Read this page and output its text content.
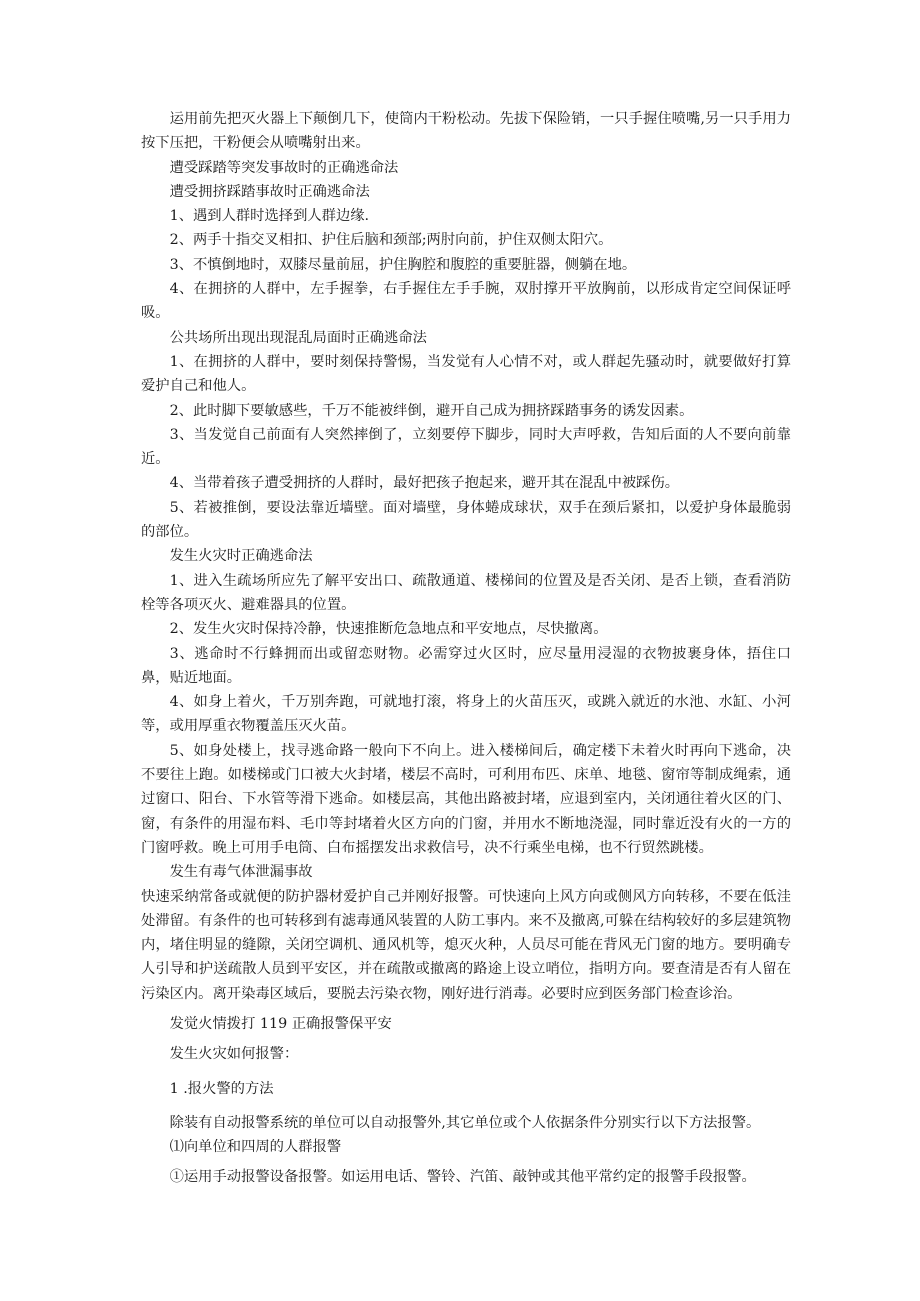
运用前先把灭火器上下颠倒几下，使筒内干粉松动。先拔下保险销，一只手握住喷嘴,另一只手用力按下压把，干粉便会从喷嘴射出来。

遭受踩踏等突发事故时的正确逃命法

遭受拥挤踩踏事故时正确逃命法

1、遇到人群时选择到人群边缘.

2、两手十指交叉相扣、护住后脑和颈部;两肘向前，护住双侧太阳穴。

3、不慎倒地时，双膝尽量前屈，护住胸腔和腹腔的重要脏器，侧躺在地。

4、在拥挤的人群中，左手握拳，右手握住左手手腕，双肘撑开平放胸前，以形成肯定空间保证呼吸。

公共场所出现出现混乱局面时正确逃命法

1、在拥挤的人群中，要时刻保持警惕，当发觉有人心情不对，或人群起先骚动时，就要做好打算爱护自己和他人。

2、此时脚下要敏感些，千万不能被绊倒，避开自己成为拥挤踩踏事务的诱发因素。

3、当发觉自己前面有人突然摔倒了，立刻要停下脚步，同时大声呼救，告知后面的人不要向前靠近。

4、当带着孩子遭受拥挤的人群时，最好把孩子抱起来，避开其在混乱中被踩伤。

5、若被推倒，要设法靠近墙壁。面对墙壁，身体蜷成球状，双手在颈后紧扣，以爱护身体最脆弱的部位。

发生火灾时正确逃命法

1、进入生疏场所应先了解平安出口、疏散通道、楼梯间的位置及是否关闭、是否上锁，查看消防栓等各项灭火、避难器具的位置。

2、发生火灾时保持冷静，快速推断危急地点和平安地点，尽快撤离。

3、逃命时不行蜂拥而出或留恋财物。必需穿过火区时，应尽量用浸湿的衣物披裹身体，捂住口鼻，贴近地面。

4、如身上着火，千万别奔跑，可就地打滚，将身上的火苗压灭，或跳入就近的水池、水缸、小河等，或用厚重衣物覆盖压灭火苗。

5、如身处楼上，找寻逃命路一般向下不向上。进入楼梯间后，确定楼下未着火时再向下逃命，决不要往上跑。如楼梯或门口被大火封堵，楼层不高时，可利用布匹、床单、地毯、窗帘等制成绳索，通过窗口、阳台、下水管等滑下逃命。如楼层高，其他出路被封堵，应退到室内，关闭通往着火区的门、窗，有条件的用湿布料、毛巾等封堵着火区方向的门窗，并用水不断地浇湿，同时靠近没有火的一方的门窗呼救。晚上可用手电筒、白布摇摆发出求救信号，决不行乘坐电梯，也不行贸然跳楼。

发生有毒气体泄漏事故

快速采纳常备或就便的防护器材爱护自己并刚好报警。可快速向上风方向或侧风方向转移，不要在低洼处滞留。有条件的也可转移到有滤毒通风装置的人防工事内。来不及撤离,可躲在结构较好的多层建筑物内，堵住明显的缝隙，关闭空调机、通风机等，熄灭火种，人员尽可能在背风无门窗的地方。要明确专人引导和护送疏散人员到平安区，并在疏散或撤离的路途上设立哨位，指明方向。要查清是否有人留在污染区内。离开染毒区域后，要脱去污染衣物，刚好进行消毒。必要时应到医务部门检查诊治。

发觉火情拨打 119 正确报警保平安

发生火灾如何报警：

1 .报火警的方法

除装有自动报警系统的单位可以自动报警外,其它单位或个人依据条件分别实行以下方法报警。

⑴向单位和四周的人群报警

①运用手动报警设备报警。如运用电话、警铃、汽笛、敲钟或其他平常约定的报警手段报警。
